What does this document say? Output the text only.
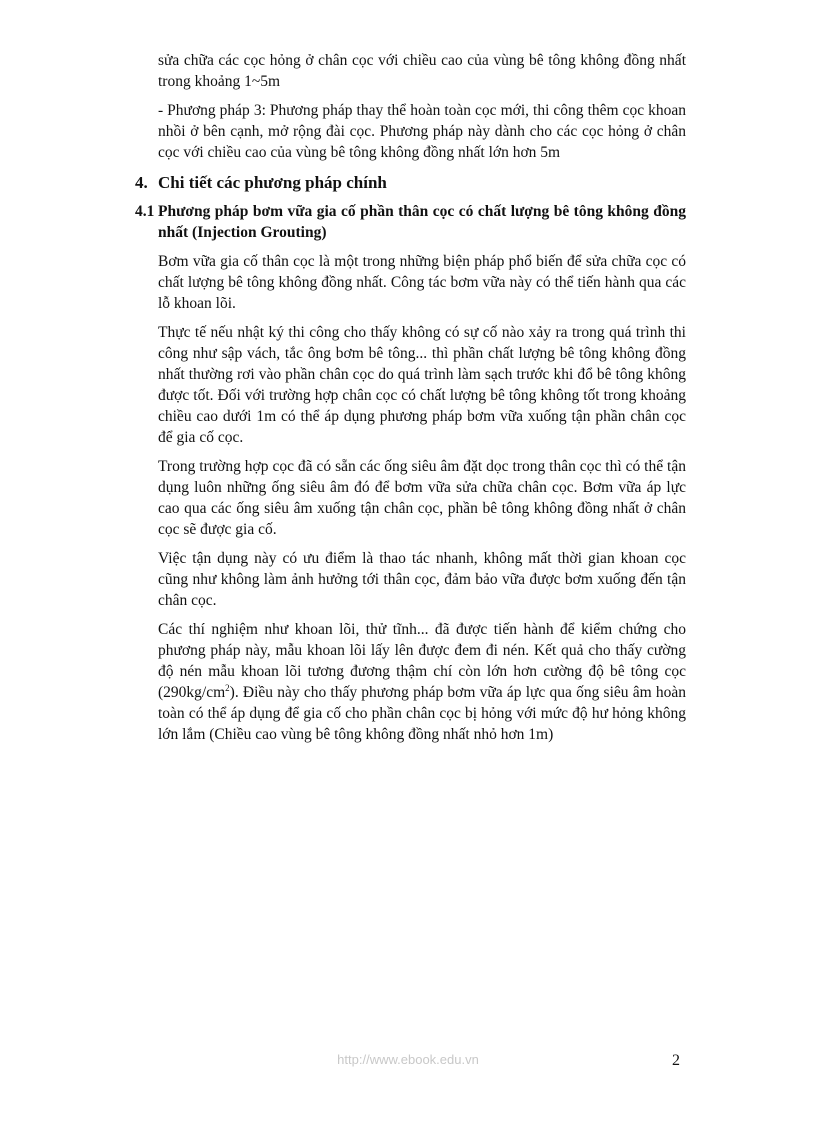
sửa chữa các cọc hỏng ở chân cọc với chiều cao của vùng bê tông không đồng nhất trong khoảng 1~5m

- Phương pháp 3: Phương pháp thay thể hoàn toàn cọc mới, thi công thêm cọc khoan nhồi ở bên cạnh, mở rộng đài cọc. Phương pháp này dành cho các cọc hỏng ở chân cọc với chiều cao của vùng bê tông không đồng nhất lớn hơn 5m

4. Chi tiết các phương pháp chính
4.1 Phương pháp bơm vữa gia cố phần thân cọc có chất lượng bê tông không đồng nhất (Injection Grouting)

Bơm vữa gia cố thân cọc là một trong những biện pháp phổ biến để sửa chữa cọc có chất lượng bê tông không đồng nhất. Công tác bơm vữa này có thể tiến hành qua các lỗ khoan lõi.

Thực tế nếu nhật ký thi công cho thấy không có sự cố nào xảy ra trong quá trình thi công như sập vách, tắc ông bơm bê tông... thì phần chất lượng bê tông không đồng nhất thường rơi vào phần chân cọc do quá trình làm sạch trước khi đổ bê tông không được tốt. Đối với trường hợp chân cọc có chất lượng bê tông không tốt trong khoảng chiều cao dưới 1m có thể áp dụng phương pháp bơm vữa xuống tận phần chân cọc để gia cố cọc.

Trong trường hợp cọc đã có sẵn các ống siêu âm đặt dọc trong thân cọc thì có thể tận dụng luôn những ống siêu âm đó để bơm vữa sửa chữa chân cọc. Bơm vữa áp lực cao qua các ống siêu âm xuống tận chân cọc, phần bê tông không đồng nhất ở chân cọc sẽ được gia cố.

Việc tận dụng này có ưu điểm là thao tác nhanh, không mất thời gian khoan cọc cũng như không làm ảnh hưởng tới thân cọc, đảm bảo vữa được bơm xuống đến tận chân cọc.

Các thí nghiệm như khoan lõi, thử tĩnh... đã được tiến hành để kiểm chứng cho phương pháp này, mẫu khoan lõi lấy lên được đem đi nén. Kết quả cho thấy cường độ nén mẫu khoan lõi tương đương thậm chí còn lớn hơn cường độ bê tông cọc $(290kg/cm^2)$. Điều này cho thấy phương pháp bơm vữa áp lực qua ống siêu âm hoàn toàn có thể áp dụng để gia cố cho phần chân cọc bị hỏng với mức độ hư hỏng không lớn lắm (Chiều cao vùng bê tông không đồng nhất nhỏ hơn 1m)

http://www.ebook.edu.vn	2
